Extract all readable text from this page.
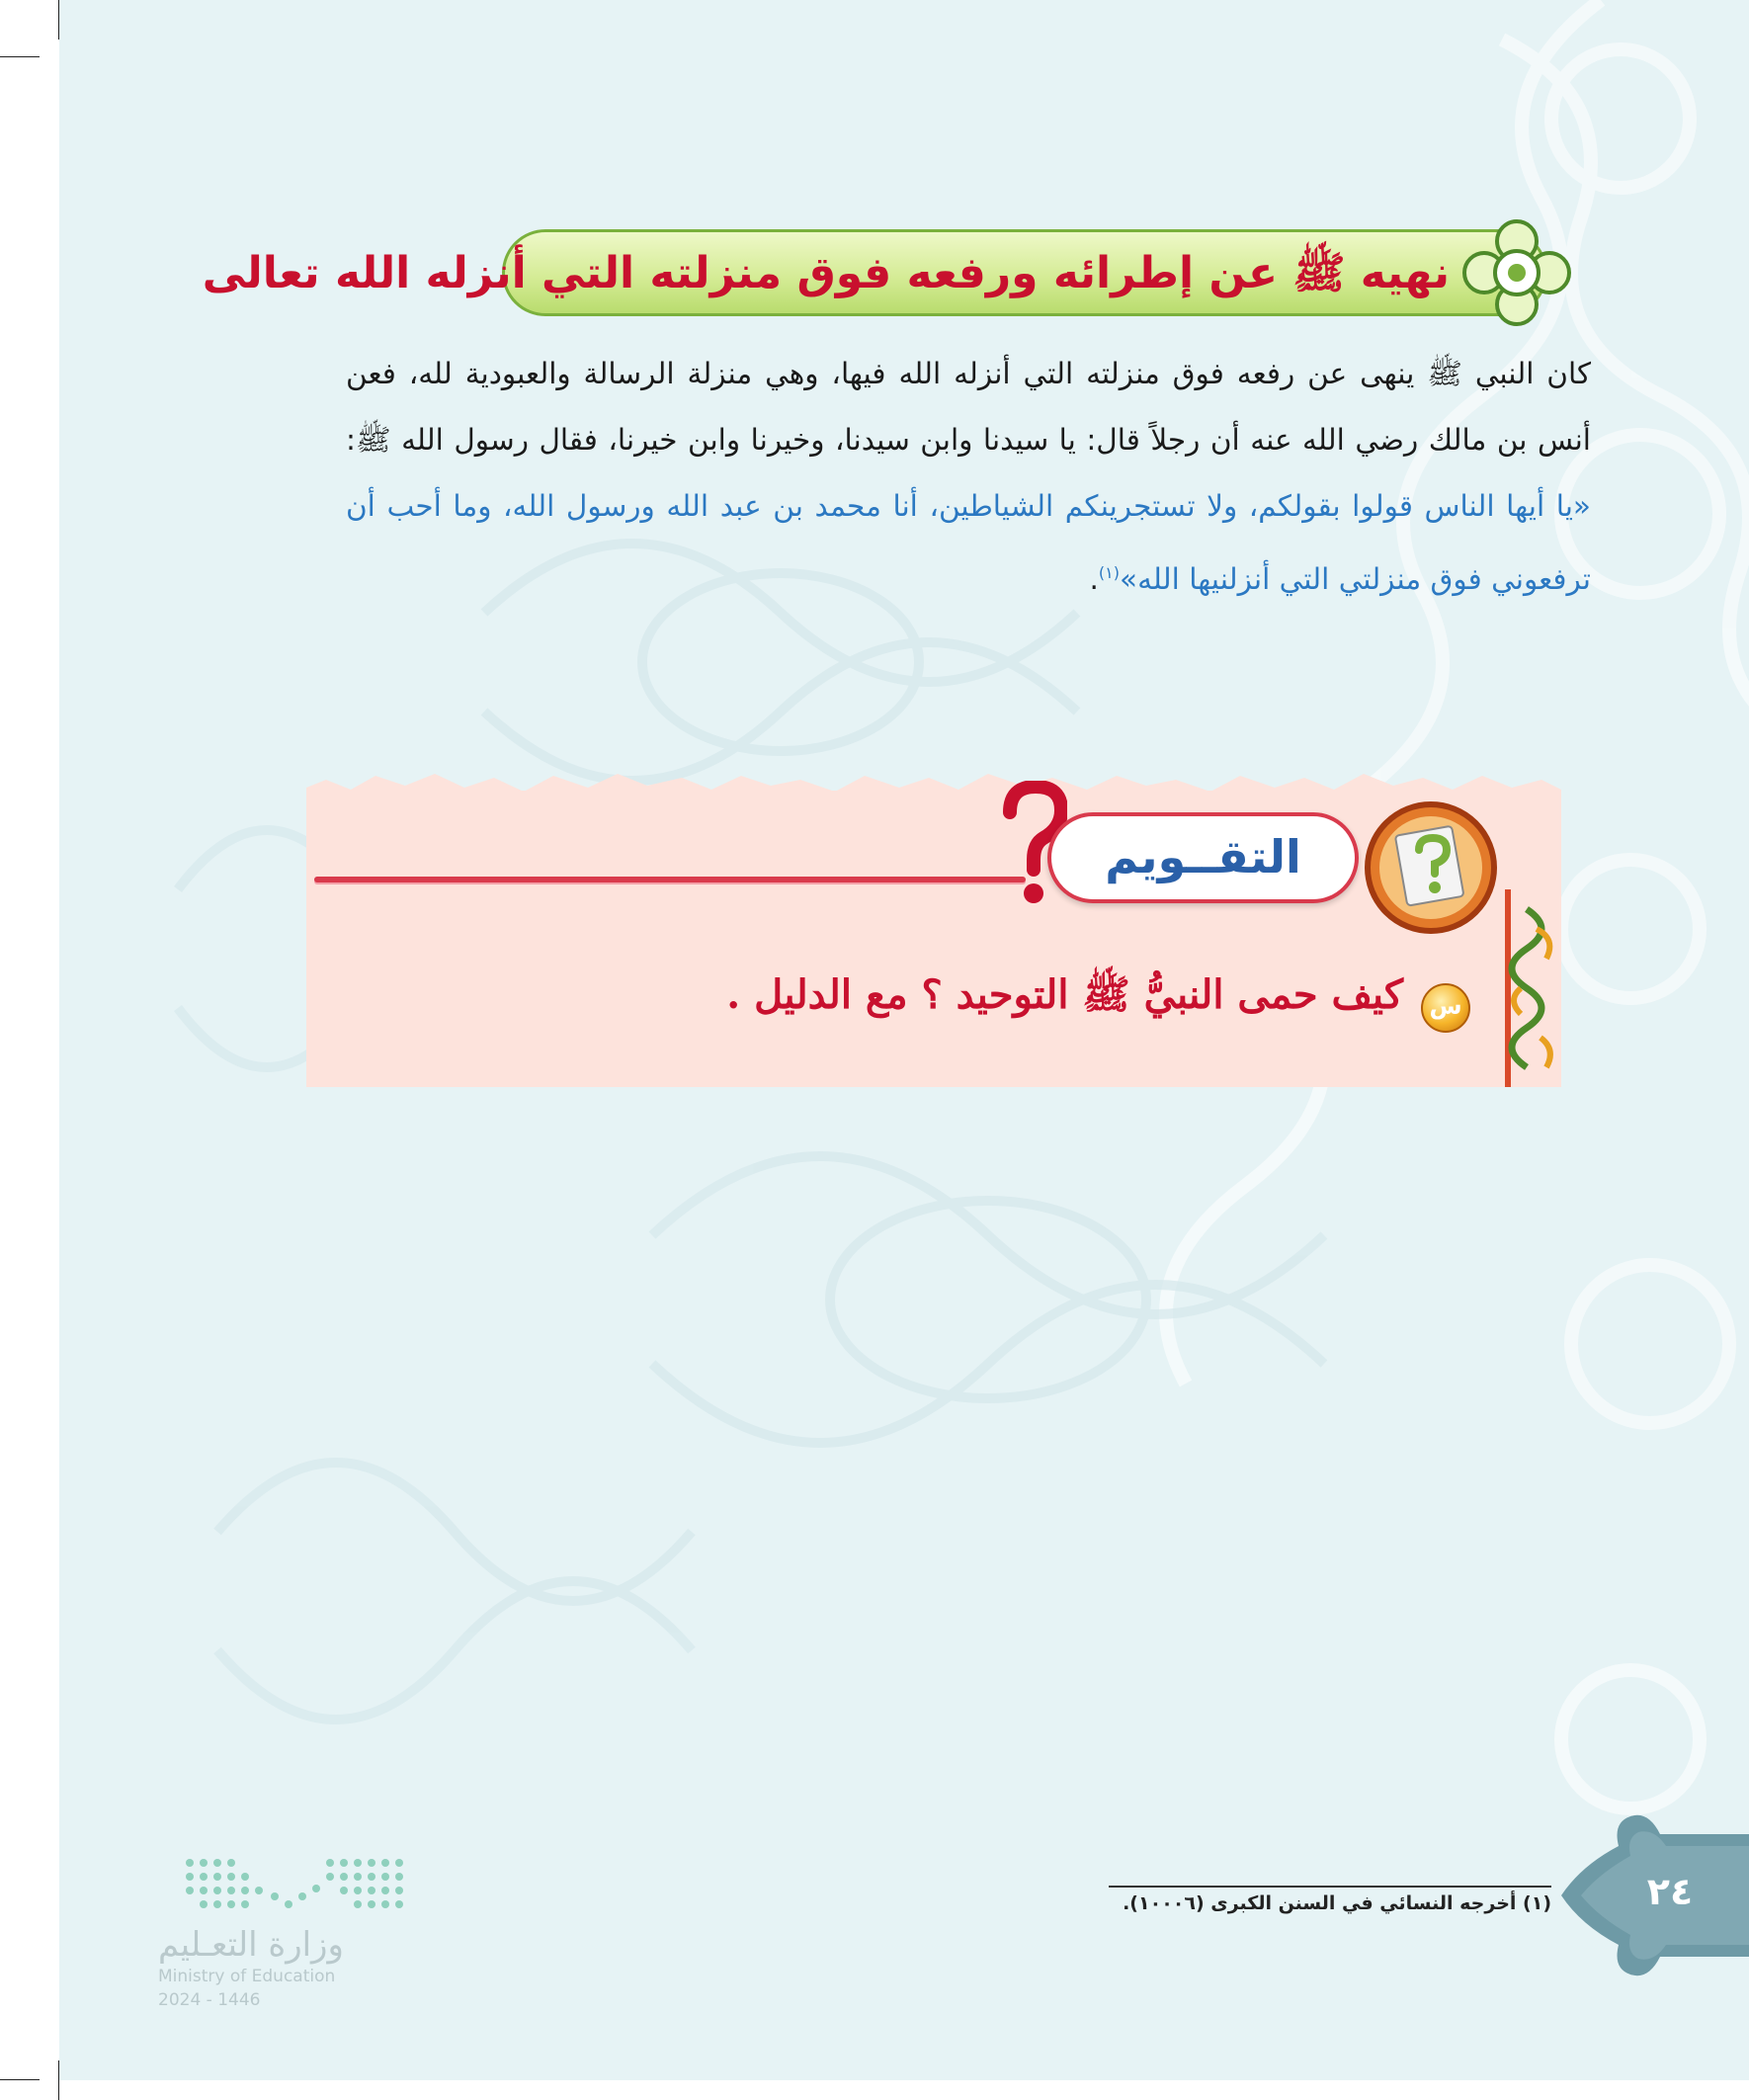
نهيه ﷺ عن إطرائه ورفعه فوق منزلته التي أنزله الله تعالى
كان النبي ﷺ ينهى عن رفعه فوق منزلته التي أنزله الله فيها، وهي منزلة الرسالة والعبودية لله، فعن أنس بن مالك رضي الله عنه أن رجلاً قال: يا سيدنا وابن سيدنا، وخيرنا وابن خيرنا، فقال رسول الله ﷺ: «يا أيها الناس قولوا بقولكم، ولا تستجرينكم الشياطين، أنا محمد بن عبد الله ورسول الله، وما أحب أن ترفعوني فوق منزلتي التي أنزلنيها الله»$^{(١)}$.
التقــويم
س
كيف حمى النبيُّ ﷺ التوحيد ؟ مع الدليل .
(١) أخرجه النسائي في السنن الكبرى (١٠٠٠٦).	٢٤
وزارة التعـليم
Ministry of Education
2024 - 1446
